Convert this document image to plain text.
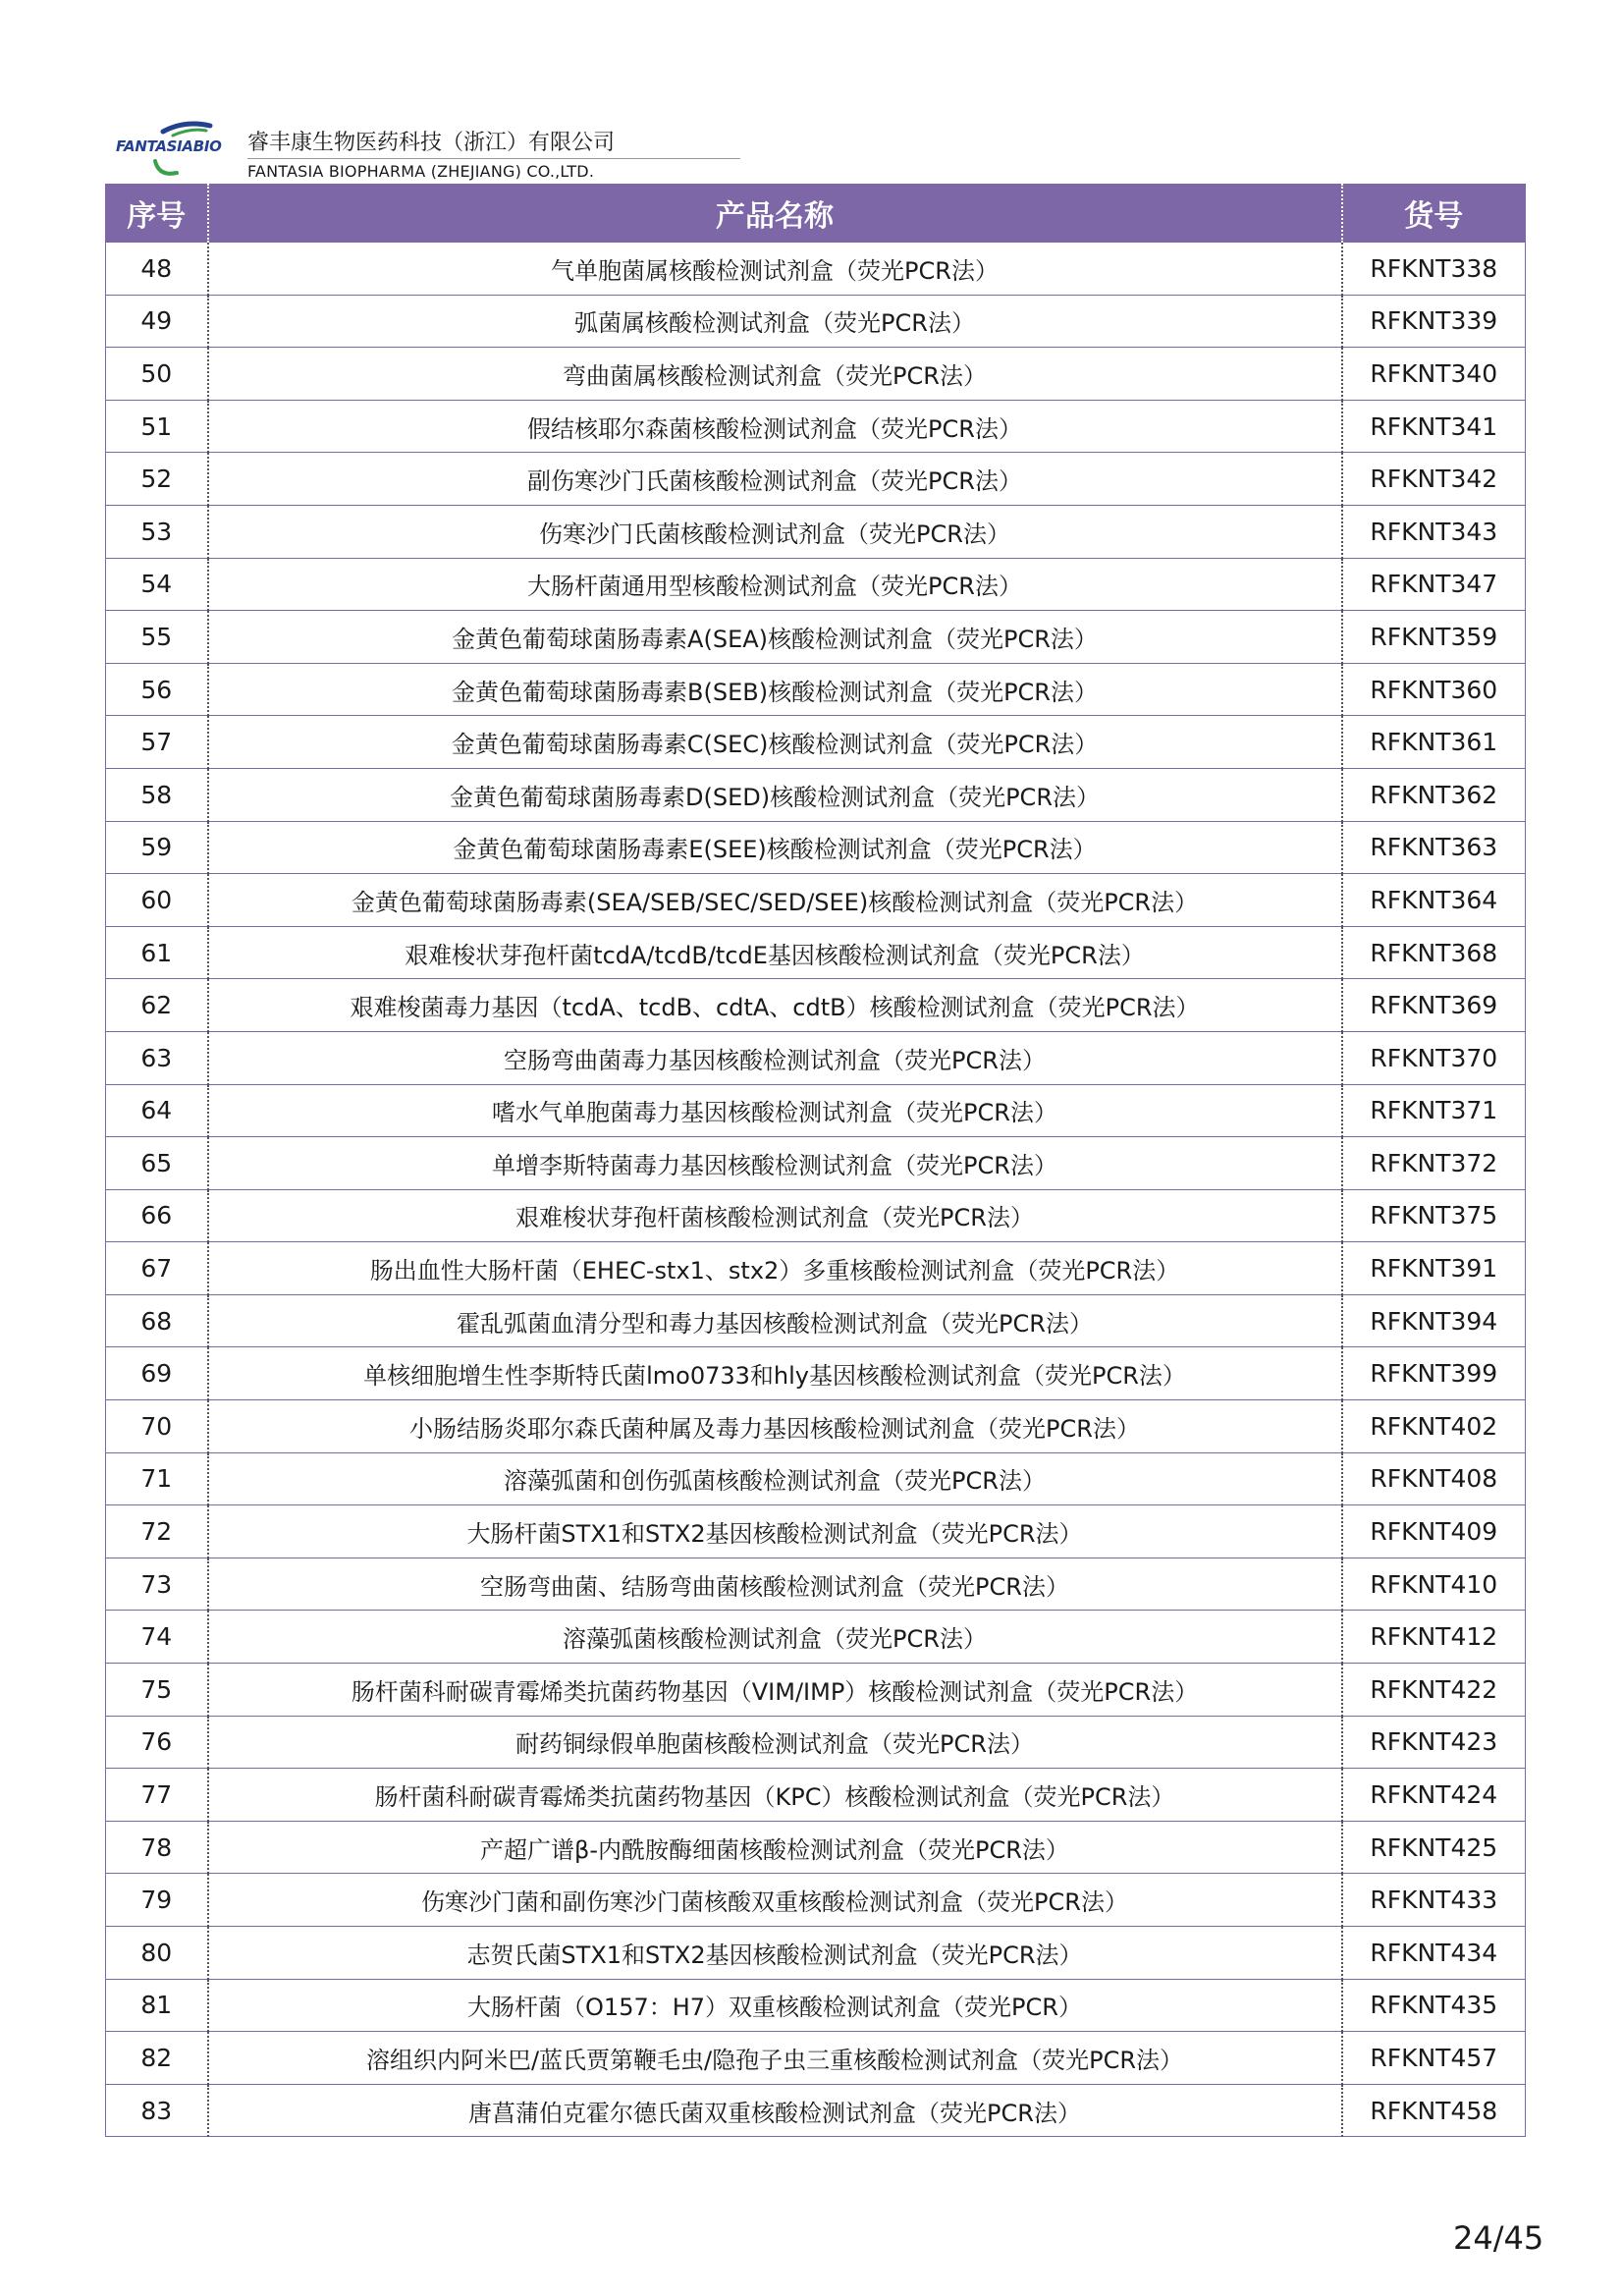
FANTASIABIO 睿丰康生物医药科技（浙江）有限公司
FANTASIA BIOPHARMA (ZHEJIANG) CO.,LTD.
序号	产品名称	货号
48	气单胞菌属核酸检测试剂盒（荧光PCR法）	RFKNT338
49	弧菌属核酸检测试剂盒（荧光PCR法）	RFKNT339
50	弯曲菌属核酸检测试剂盒（荧光PCR法）	RFKNT340
51	假结核耶尔森菌核酸检测试剂盒（荧光PCR法）	RFKNT341
52	副伤寒沙门氏菌核酸检测试剂盒（荧光PCR法）	RFKNT342
53	伤寒沙门氏菌核酸检测试剂盒（荧光PCR法）	RFKNT343
54	大肠杆菌通用型核酸检测试剂盒（荧光PCR法）	RFKNT347
55	金黄色葡萄球菌肠毒素A(SEA)核酸检测试剂盒（荧光PCR法）	RFKNT359
56	金黄色葡萄球菌肠毒素B(SEB)核酸检测试剂盒（荧光PCR法）	RFKNT360
57	金黄色葡萄球菌肠毒素C(SEC)核酸检测试剂盒（荧光PCR法）	RFKNT361
58	金黄色葡萄球菌肠毒素D(SED)核酸检测试剂盒（荧光PCR法）	RFKNT362
59	金黄色葡萄球菌肠毒素E(SEE)核酸检测试剂盒（荧光PCR法）	RFKNT363
60	金黄色葡萄球菌肠毒素(SEA/SEB/SEC/SED/SEE)核酸检测试剂盒（荧光PCR法）	RFKNT364
61	艰难梭状芽孢杆菌tcdA/tcdB/tcdE基因核酸检测试剂盒（荧光PCR法）	RFKNT368
62	艰难梭菌毒力基因（tcdA、tcdB、cdtA、cdtB）核酸检测试剂盒（荧光PCR法）	RFKNT369
63	空肠弯曲菌毒力基因核酸检测试剂盒（荧光PCR法）	RFKNT370
64	嗜水气单胞菌毒力基因核酸检测试剂盒（荧光PCR法）	RFKNT371
65	单增李斯特菌毒力基因核酸检测试剂盒（荧光PCR法）	RFKNT372
66	艰难梭状芽孢杆菌核酸检测试剂盒（荧光PCR法）	RFKNT375
67	肠出血性大肠杆菌（EHEC-stx1、stx2）多重核酸检测试剂盒（荧光PCR法）	RFKNT391
68	霍乱弧菌血清分型和毒力基因核酸检测试剂盒（荧光PCR法）	RFKNT394
69	单核细胞增生性李斯特氏菌lmo0733和hly基因核酸检测试剂盒（荧光PCR法）	RFKNT399
70	小肠结肠炎耶尔森氏菌种属及毒力基因核酸检测试剂盒（荧光PCR法）	RFKNT402
71	溶藻弧菌和创伤弧菌核酸检测试剂盒（荧光PCR法）	RFKNT408
72	大肠杆菌STX1和STX2基因核酸检测试剂盒（荧光PCR法）	RFKNT409
73	空肠弯曲菌、结肠弯曲菌核酸检测试剂盒（荧光PCR法）	RFKNT410
74	溶藻弧菌核酸检测试剂盒（荧光PCR法）	RFKNT412
75	肠杆菌科耐碳青霉烯类抗菌药物基因（VIM/IMP）核酸检测试剂盒（荧光PCR法）	RFKNT422
76	耐药铜绿假单胞菌核酸检测试剂盒（荧光PCR法）	RFKNT423
77	肠杆菌科耐碳青霉烯类抗菌药物基因（KPC）核酸检测试剂盒（荧光PCR法）	RFKNT424
78	产超广谱β-内酰胺酶细菌核酸检测试剂盒（荧光PCR法）	RFKNT425
79	伤寒沙门菌和副伤寒沙门菌核酸双重核酸检测试剂盒（荧光PCR法）	RFKNT433
80	志贺氏菌STX1和STX2基因核酸检测试剂盒（荧光PCR法）	RFKNT434
81	大肠杆菌（O157：H7）双重核酸检测试剂盒（荧光PCR）	RFKNT435
82	溶组织内阿米巴/蓝氏贾第鞭毛虫/隐孢子虫三重核酸检测试剂盒（荧光PCR法）	RFKNT457
83	唐菖蒲伯克霍尔德氏菌双重核酸检测试剂盒（荧光PCR法）	RFKNT458
24/45
